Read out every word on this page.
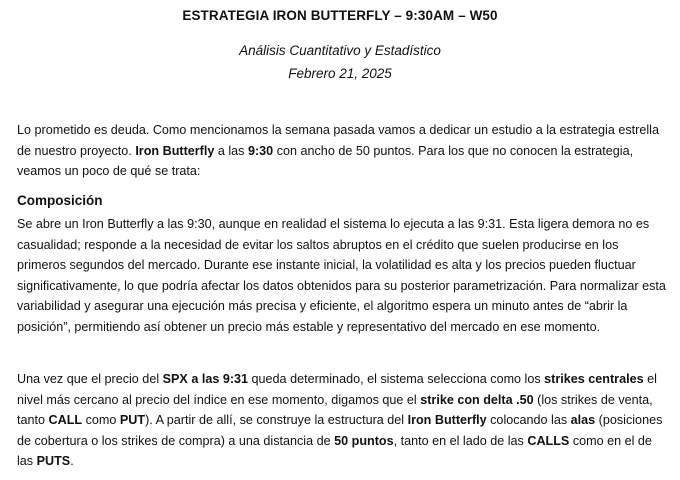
ESTRATEGIA IRON BUTTERFLY – 9:30AM – W50
Análisis Cuantitativo y Estadístico
Febrero 21, 2025

Lo prometido es deuda. Como mencionamos la semana pasada vamos a dedicar un estudio a la estrategia estrella de nuestro proyecto. Iron Butterfly a las 9:30 con ancho de 50 puntos. Para los que no conocen la estrategia, veamos un poco de qué se trata:

Composición

Se abre un Iron Butterfly a las 9:30, aunque en realidad el sistema lo ejecuta a las 9:31. Esta ligera demora no es casualidad; responde a la necesidad de evitar los saltos abruptos en el crédito que suelen producirse en los primeros segundos del mercado. Durante ese instante inicial, la volatilidad es alta y los precios pueden fluctuar significativamente, lo que podría afectar los datos obtenidos para su posterior parametrización. Para normalizar esta variabilidad y asegurar una ejecución más precisa y eficiente, el algoritmo espera un minuto antes de “abrir la posición”, permitiendo así obtener un precio más estable y representativo del mercado en ese momento.

Una vez que el precio del SPX a las 9:31 queda determinado, el sistema selecciona como los strikes centrales el nivel más cercano al precio del índice en ese momento, digamos que el strike con delta .50 (los strikes de venta, tanto CALL como PUT). A partir de allí, se construye la estructura del Iron Butterfly colocando las alas (posiciones de cobertura o los strikes de compra) a una distancia de 50 puntos, tanto en el lado de las CALLS como en el de las PUTS.
